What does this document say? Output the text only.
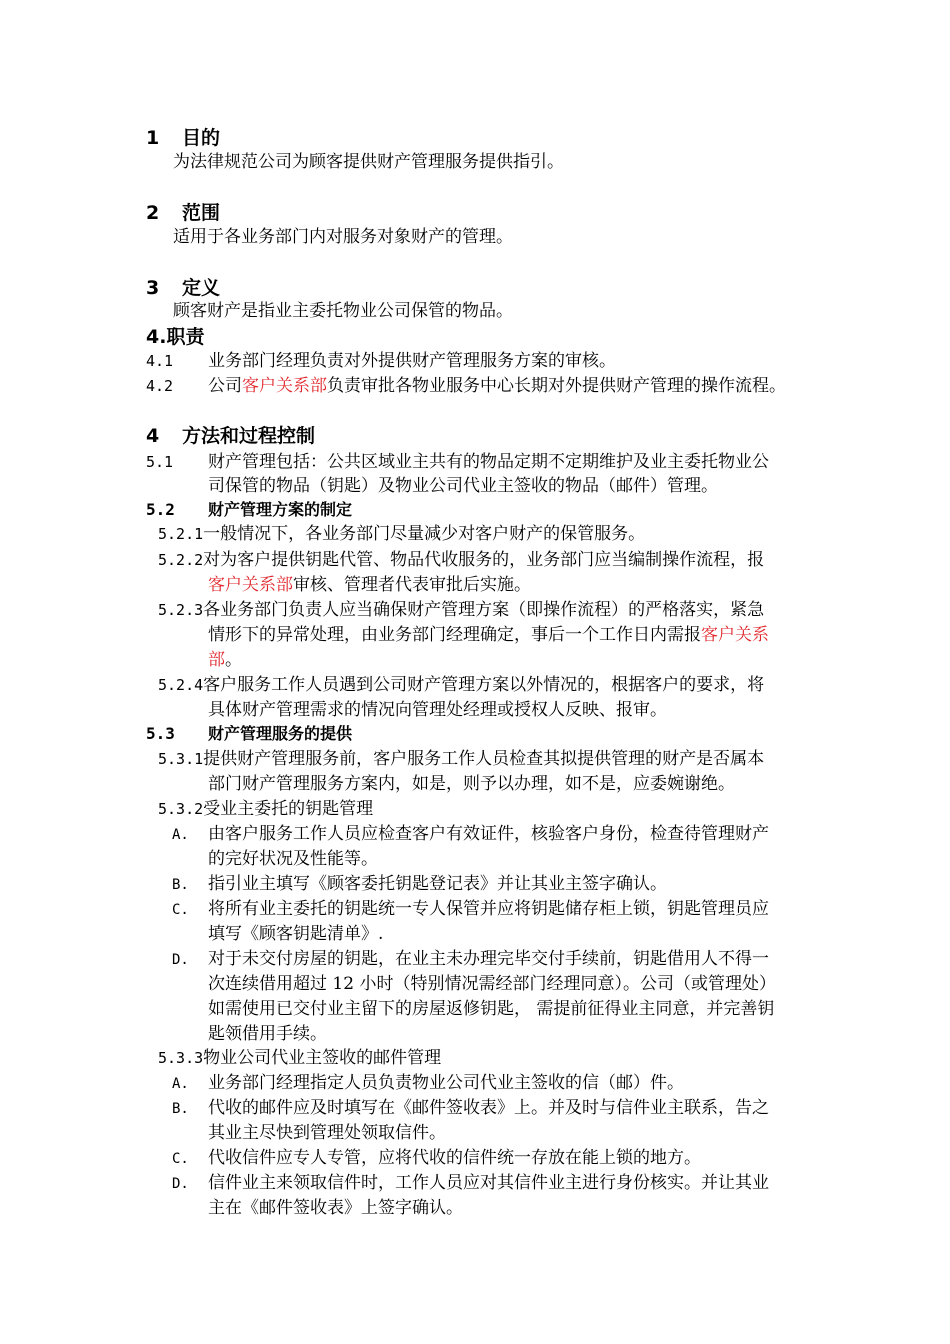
1 目的
为法律规范公司为顾客提供财产管理服务提供指引。
2 范围
适用于各业务部门内对服务对象财产的管理。
3 定义
顾客财产是指业主委托物业公司保管的物品。
4.职责
4.1 业务部门经理负责对外提供财产管理服务方案的审核。
4.2 公司客户关系部负责审批各物业服务中心长期对外提供财产管理的操作流程。
4 方法和过程控制
5.1 财产管理包括：公共区域业主共有的物品定期不定期维护及业主委托物业公
司保管的物品（钥匙）及物业公司代业主签收的物品（邮件）管理。
5.2 财产管理方案的制定
5.2.1一般情况下，各业务部门尽量减少对客户财产的保管服务。
5.2.2对为客户提供钥匙代管、物品代收服务的，业务部门应当编制操作流程，报
客户关系部审核、管理者代表审批后实施。
5.2.3各业务部门负责人应当确保财产管理方案（即操作流程）的严格落实，紧急
情形下的异常处理，由业务部门经理确定，事后一个工作日内需报客户关系
部。
5.2.4客户服务工作人员遇到公司财产管理方案以外情况的，根据客户的要求，将
具体财产管理需求的情况向管理处经理或授权人反映、报审。
5.3 财产管理服务的提供
5.3.1提供财产管理服务前，客户服务工作人员检查其拟提供管理的财产是否属本
部门财产管理服务方案内，如是，则予以办理，如不是，应委婉谢绝。
5.3.2受业主委托的钥匙管理
A. 由客户服务工作人员应检查客户有效证件，核验客户身份，检查待管理财产
的完好状况及性能等。
B. 指引业主填写《顾客委托钥匙登记表》并让其业主签字确认。
C. 将所有业主委托的钥匙统一专人保管并应将钥匙储存柜上锁，钥匙管理员应
填写《顾客钥匙清单》.
D. 对于未交付房屋的钥匙，在业主未办理完毕交付手续前，钥匙借用人不得一
次连续借用超过 12 小时（特别情况需经部门经理同意）。公司（或管理处）
如需使用已交付业主留下的房屋返修钥匙， 需提前征得业主同意，并完善钥
匙领借用手续。
5.3.3物业公司代业主签收的邮件管理
A. 业务部门经理指定人员负责物业公司代业主签收的信（邮）件。
B. 代收的邮件应及时填写在《邮件签收表》上。并及时与信件业主联系，告之
其业主尽快到管理处领取信件。
C. 代收信件应专人专管，应将代收的信件统一存放在能上锁的地方。
D. 信件业主来领取信件时，工作人员应对其信件业主进行身份核实。并让其业
主在《邮件签收表》上签字确认。
